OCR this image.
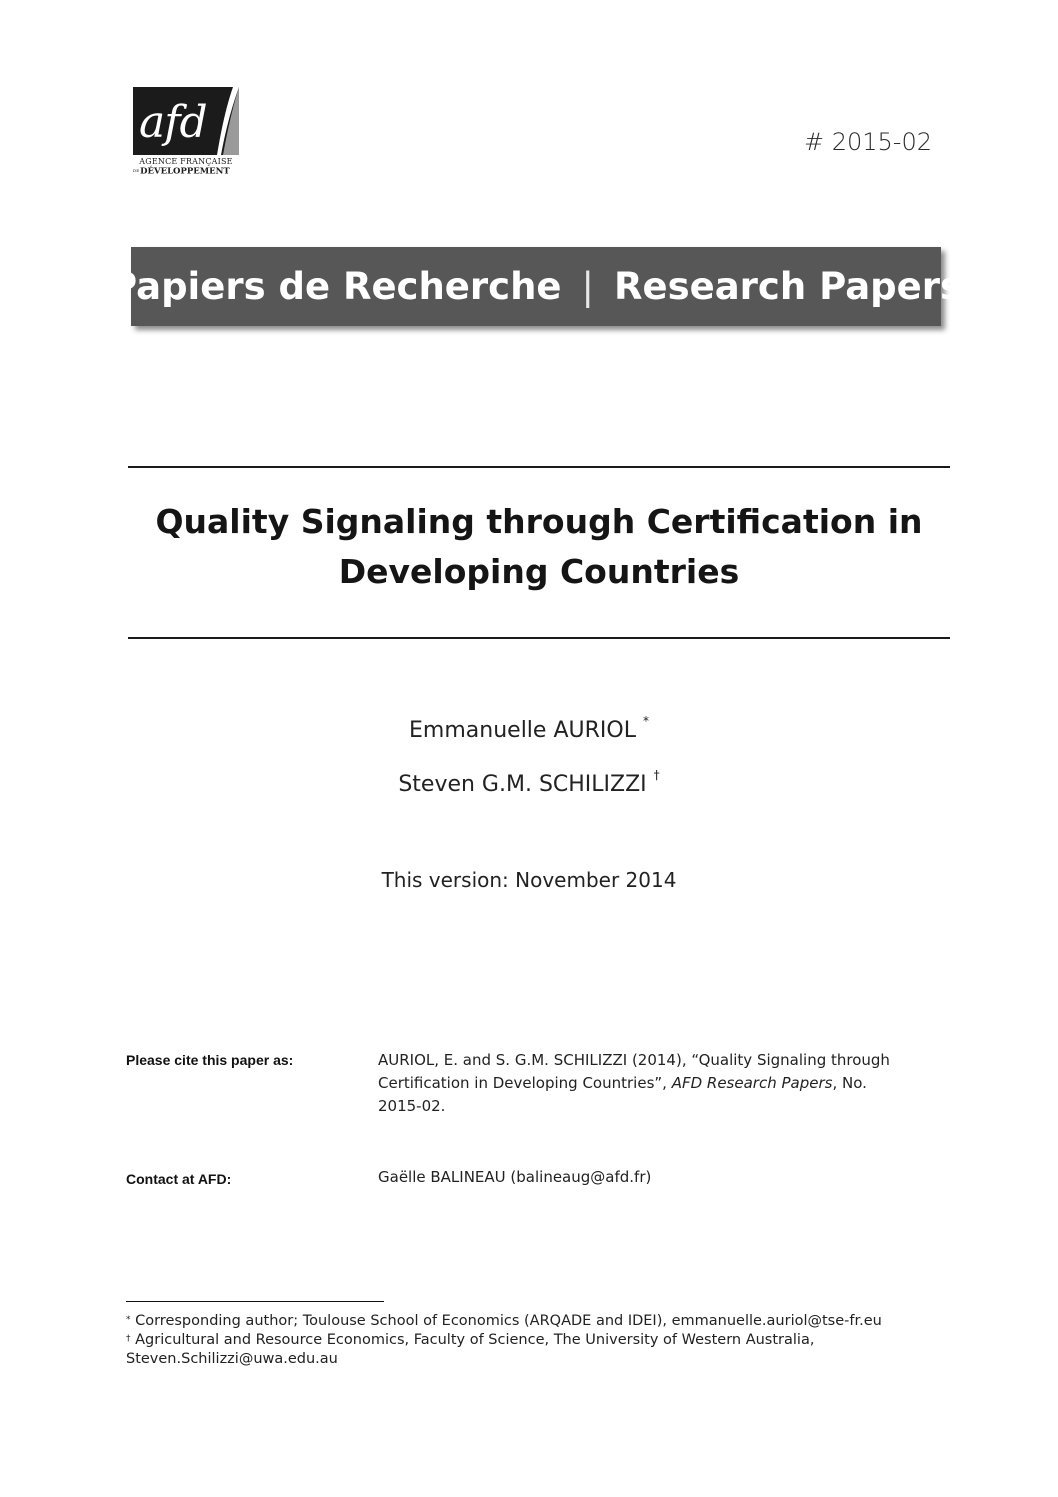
afd
AGENCE FRANÇAISE
DEDÉVELOPPEMENT
# 2015-02
Papiers de Recherche | Research Papers
Quality Signaling through Certification in Developing Countries
Emmanuelle AURIOL *
Steven G.M. SCHILIZZI †
This version: November 2014
Please cite this paper as:	AURIOL, E. and S. G.M. SCHILIZZI (2014), “Quality Signaling through Certification in Developing Countries”, AFD Research Papers, No. 2015-02.
Contact at AFD:	Gaëlle BALINEAU (balineaug@afd.fr)
* Corresponding author; Toulouse School of Economics (ARQADE and IDEI), emmanuelle.auriol@tse-fr.eu
† Agricultural and Resource Economics, Faculty of Science, The University of Western Australia, Steven.Schilizzi@uwa.edu.au
